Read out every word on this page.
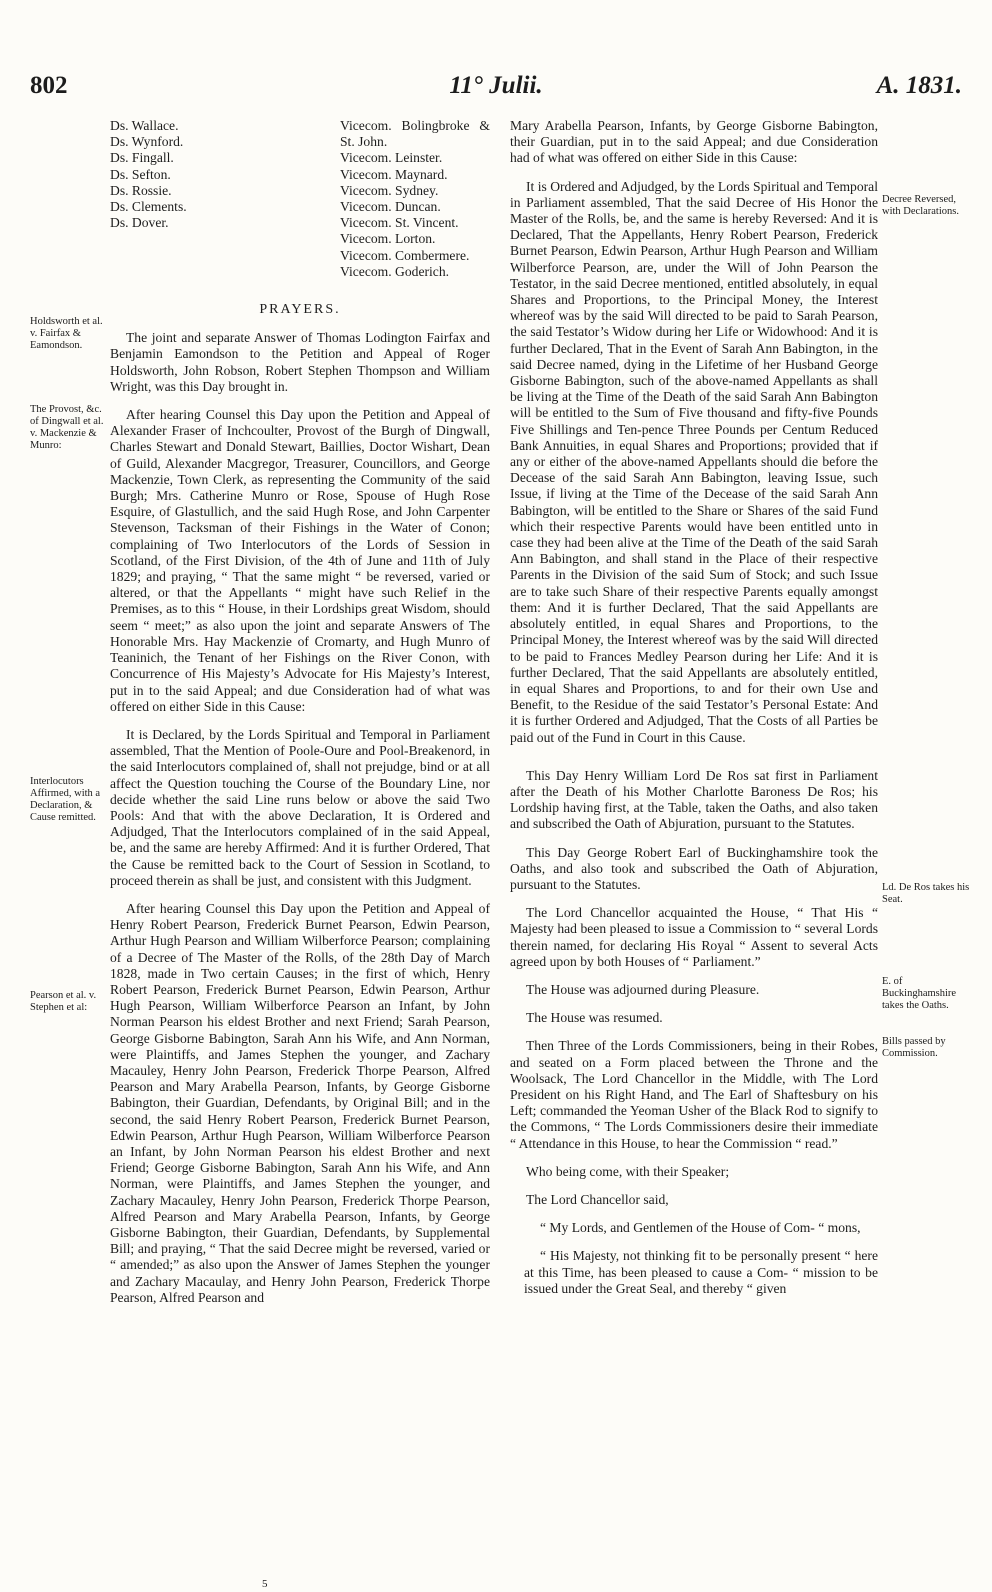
802	11° Julii.	A. 1831.
Holdsworth et al. v. Fairfax & Eamondson.
The Provost, &c. of Dingwall et al. v. Mackenzie & Munro:
Interlocutors Affirmed, with a Declaration, & Cause remitted.
Pearson et al. v. Stephen et al:
Decree Reversed, with Declarations.
Ld. De Ros takes his Seat.
E. of Buckinghamshire takes the Oaths.
Bills passed by Commission.
Ds. Wallace.
Ds. Wynford.
Ds. Fingall.
Ds. Sefton.
Ds. Rossie.
Ds. Clements.
Ds. Dover.
Vicecom. Bolingbroke & St. John.
Vicecom. Leinster.
Vicecom. Maynard.
Vicecom. Sydney.
Vicecom. Duncan.
Vicecom. St. Vincent.
Vicecom. Lorton.
Vicecom. Combermere.
Vicecom. Goderich.
PRAYERS.

The joint and separate Answer of Thomas Lodington Fairfax and Benjamin Eamondson to the Petition and Appeal of Roger Holdsworth, John Robson, Robert Stephen Thompson and William Wright, was this Day brought in.

After hearing Counsel this Day upon the Petition and Appeal of Alexander Fraser of Inchcoulter, Provost of the Burgh of Dingwall, Charles Stewart and Donald Stewart, Baillies, Doctor Wishart, Dean of Guild, Alexander Macgregor, Treasurer, Councillors, and George Mackenzie, Town Clerk, as representing the Community of the said Burgh; Mrs. Catherine Munro or Rose, Spouse of Hugh Rose Esquire, of Glastullich, and the said Hugh Rose, and John Carpenter Stevenson, Tacksman of their Fishings in the Water of Conon; complaining of Two Interlocutors of the Lords of Session in Scotland, of the First Division, of the 4th of June and 11th of July 1829; and praying, “ That the same might “ be reversed, varied or altered, or that the Appellants “ might have such Relief in the Premises, as to this “ House, in their Lordships great Wisdom, should seem “ meet;” as also upon the joint and separate Answers of The Honorable Mrs. Hay Mackenzie of Cromarty, and Hugh Munro of Teaninich, the Tenant of her Fishings on the River Conon, with Concurrence of His Majesty’s Advocate for His Majesty’s Interest, put in to the said Appeal; and due Consideration had of what was offered on either Side in this Cause:

It is Declared, by the Lords Spiritual and Temporal in Parliament assembled, That the Mention of Poole-Oure and Pool-Breakenord, in the said Interlocutors complained of, shall not prejudge, bind or at all affect the Question touching the Course of the Boundary Line, nor decide whether the said Line runs below or above the said Two Pools: And that with the above Declaration, It is Ordered and Adjudged, That the Interlocutors complained of in the said Appeal, be, and the same are hereby Affirmed: And it is further Ordered, That the Cause be remitted back to the Court of Session in Scotland, to proceed therein as shall be just, and consistent with this Judgment.

After hearing Counsel this Day upon the Petition and Appeal of Henry Robert Pearson, Frederick Burnet Pearson, Edwin Pearson, Arthur Hugh Pearson and William Wilberforce Pearson; complaining of a Decree of The Master of the Rolls, of the 28th Day of March 1828, made in Two certain Causes; in the first of which, Henry Robert Pearson, Frederick Burnet Pearson, Edwin Pearson, Arthur Hugh Pearson, William Wilberforce Pearson an Infant, by John Norman Pearson his eldest Brother and next Friend; Sarah Pearson, George Gisborne Babington, Sarah Ann his Wife, and Ann Norman, were Plaintiffs, and James Stephen the younger, and Zachary Macauley, Henry John Pearson, Frederick Thorpe Pearson, Alfred Pearson and Mary Arabella Pearson, Infants, by George Gisborne Babington, their Guardian, Defendants, by Original Bill; and in the second, the said Henry Robert Pearson, Frederick Burnet Pearson, Edwin Pearson, Arthur Hugh Pearson, William Wilberforce Pearson an Infant, by John Norman Pearson his eldest Brother and next Friend; George Gisborne Babington, Sarah Ann his Wife, and Ann Norman, were Plaintiffs, and James Stephen the younger, and Zachary Macauley, Henry John Pearson, Frederick Thorpe Pearson, Alfred Pearson and Mary Arabella Pearson, Infants, by George Gisborne Babington, their Guardian, Defendants, by Supplemental Bill; and praying, “ That the said Decree might be reversed, varied or “ amended;” as also upon the Answer of James Stephen the younger and Zachary Macaulay, and Henry John Pearson, Frederick Thorpe Pearson, Alfred Pearson and

Mary Arabella Pearson, Infants, by George Gisborne Babington, their Guardian, put in to the said Appeal; and due Consideration had of what was offered on either Side in this Cause:

It is Ordered and Adjudged, by the Lords Spiritual and Temporal in Parliament assembled, That the said Decree of His Honor the Master of the Rolls, be, and the same is hereby Reversed: And it is Declared, That the Appellants, Henry Robert Pearson, Frederick Burnet Pearson, Edwin Pearson, Arthur Hugh Pearson and William Wilberforce Pearson, are, under the Will of John Pearson the Testator, in the said Decree mentioned, entitled absolutely, in equal Shares and Proportions, to the Principal Money, the Interest whereof was by the said Will directed to be paid to Sarah Pearson, the said Testator’s Widow during her Life or Widowhood: And it is further Declared, That in the Event of Sarah Ann Babington, in the said Decree named, dying in the Lifetime of her Husband George Gisborne Babington, such of the above-named Appellants as shall be living at the Time of the Death of the said Sarah Ann Babington will be entitled to the Sum of Five thousand and fifty-five Pounds Five Shillings and Ten-pence Three Pounds per Centum Reduced Bank Annuities, in equal Shares and Proportions; provided that if any or either of the above-named Appellants should die before the Decease of the said Sarah Ann Babington, leaving Issue, such Issue, if living at the Time of the Decease of the said Sarah Ann Babington, will be entitled to the Share or Shares of the said Fund which their respective Parents would have been entitled unto in case they had been alive at the Time of the Death of the said Sarah Ann Babington, and shall stand in the Place of their respective Parents in the Division of the said Sum of Stock; and such Issue are to take such Share of their respective Parents equally amongst them: And it is further Declared, That the said Appellants are absolutely entitled, in equal Shares and Proportions, to the Principal Money, the Interest whereof was by the said Will directed to be paid to Frances Medley Pearson during her Life: And it is further Declared, That the said Appellants are absolutely entitled, in equal Shares and Proportions, to and for their own Use and Benefit, to the Residue of the said Testator’s Personal Estate: And it is further Ordered and Adjudged, That the Costs of all Parties be paid out of the Fund in Court in this Cause.

This Day Henry William Lord De Ros sat first in Parliament after the Death of his Mother Charlotte Baroness De Ros; his Lordship having first, at the Table, taken the Oaths, and also taken and subscribed the Oath of Abjuration, pursuant to the Statutes.

This Day George Robert Earl of Buckinghamshire took the Oaths, and also took and subscribed the Oath of Abjuration, pursuant to the Statutes.

The Lord Chancellor acquainted the House, “ That His “ Majesty had been pleased to issue a Commission to “ several Lords therein named, for declaring His Royal “ Assent to several Acts agreed upon by both Houses of “ Parliament.”

The House was adjourned during Pleasure.

The House was resumed.

Then Three of the Lords Commissioners, being in their Robes, and seated on a Form placed between the Throne and the Woolsack, The Lord Chancellor in the Middle, with The Lord President on his Right Hand, and The Earl of Shaftesbury on his Left; commanded the Yeoman Usher of the Black Rod to signify to the Commons, “ The Lords Commissioners desire their immediate “ Attendance in this House, to hear the Commission “ read.”

Who being come, with their Speaker;

The Lord Chancellor said,

“ My Lords, and Gentlemen of the House of Com- “ mons,

“ His Majesty, not thinking fit to be personally present “ here at this Time, has been pleased to cause a Com- “ mission to be issued under the Great Seal, and thereby “ given

5
